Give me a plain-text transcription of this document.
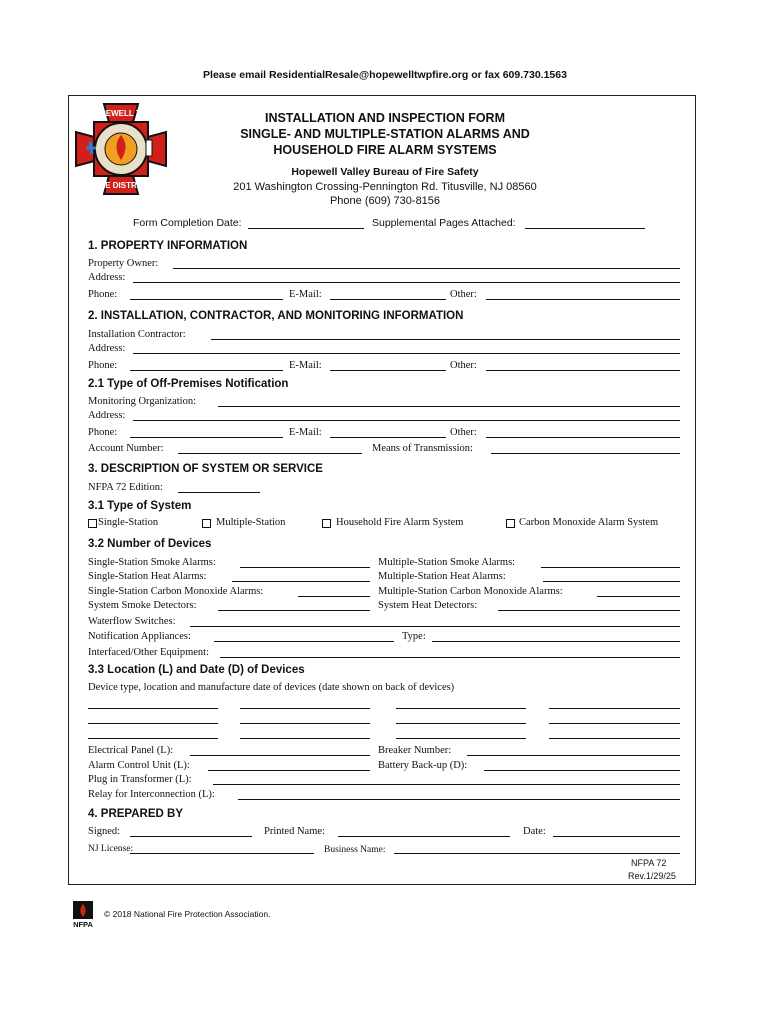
Please email ResidentialResale@hopewelltwpfire.org or fax 609.730.1563
HOPEWELL TWP
FIRE DISTRICT
INSTALLATION AND INSPECTION FORM
SINGLE- AND MULTIPLE-STATION ALARMS AND
HOUSEHOLD FIRE ALARM SYSTEMS
Hopewell Valley Bureau of Fire Safety
201 Washington Crossing-Pennington Rd. Titusville, NJ 08560
Phone (609) 730-8156
Form Completion Date:	Supplemental Pages Attached:
1. PROPERTY INFORMATION
Property Owner:
Address:
Phone:	E-Mail:	Other:
2. INSTALLATION, CONTRACTOR, AND MONITORING INFORMATION
Installation Contractor:
Address:
Phone:	E-Mail:	Other:
2.1 Type of Off-Premises Notification
Monitoring Organization:
Address:
Phone:	E-Mail:	Other:
Account Number:	Means of Transmission:
3. DESCRIPTION OF SYSTEM OR SERVICE
NFPA 72 Edition:
3.1 Type of System
Single-Station	Multiple-Station	Household Fire Alarm System	Carbon Monoxide Alarm System
3.2 Number of Devices
Single-Station Smoke Alarms:	Multiple-Station Smoke Alarms:
Single-Station Heat Alarms:	Multiple-Station Heat Alarms:
Single-Station Carbon Monoxide Alarms:	Multiple-Station Carbon Monoxide Alarms:
System Smoke Detectors:	System Heat Detectors:
Waterflow Switches:
Notification Appliances:	Type:
Interfaced/Other Equipment:
3.3 Location (L) and Date (D) of Devices
Device type, location and manufacture date of devices (date shown on back of devices)
Electrical Panel (L):	Breaker Number:
Alarm Control Unit (L):	Battery Back-up (D):
Plug in Transformer (L):
Relay for Interconnection (L):
4. PREPARED BY
Signed:	Printed Name:	Date:
NJ License:	Business Name:
NFPA 72
Rev.1/29/25
NFPA
© 2018 National Fire Protection Association.
